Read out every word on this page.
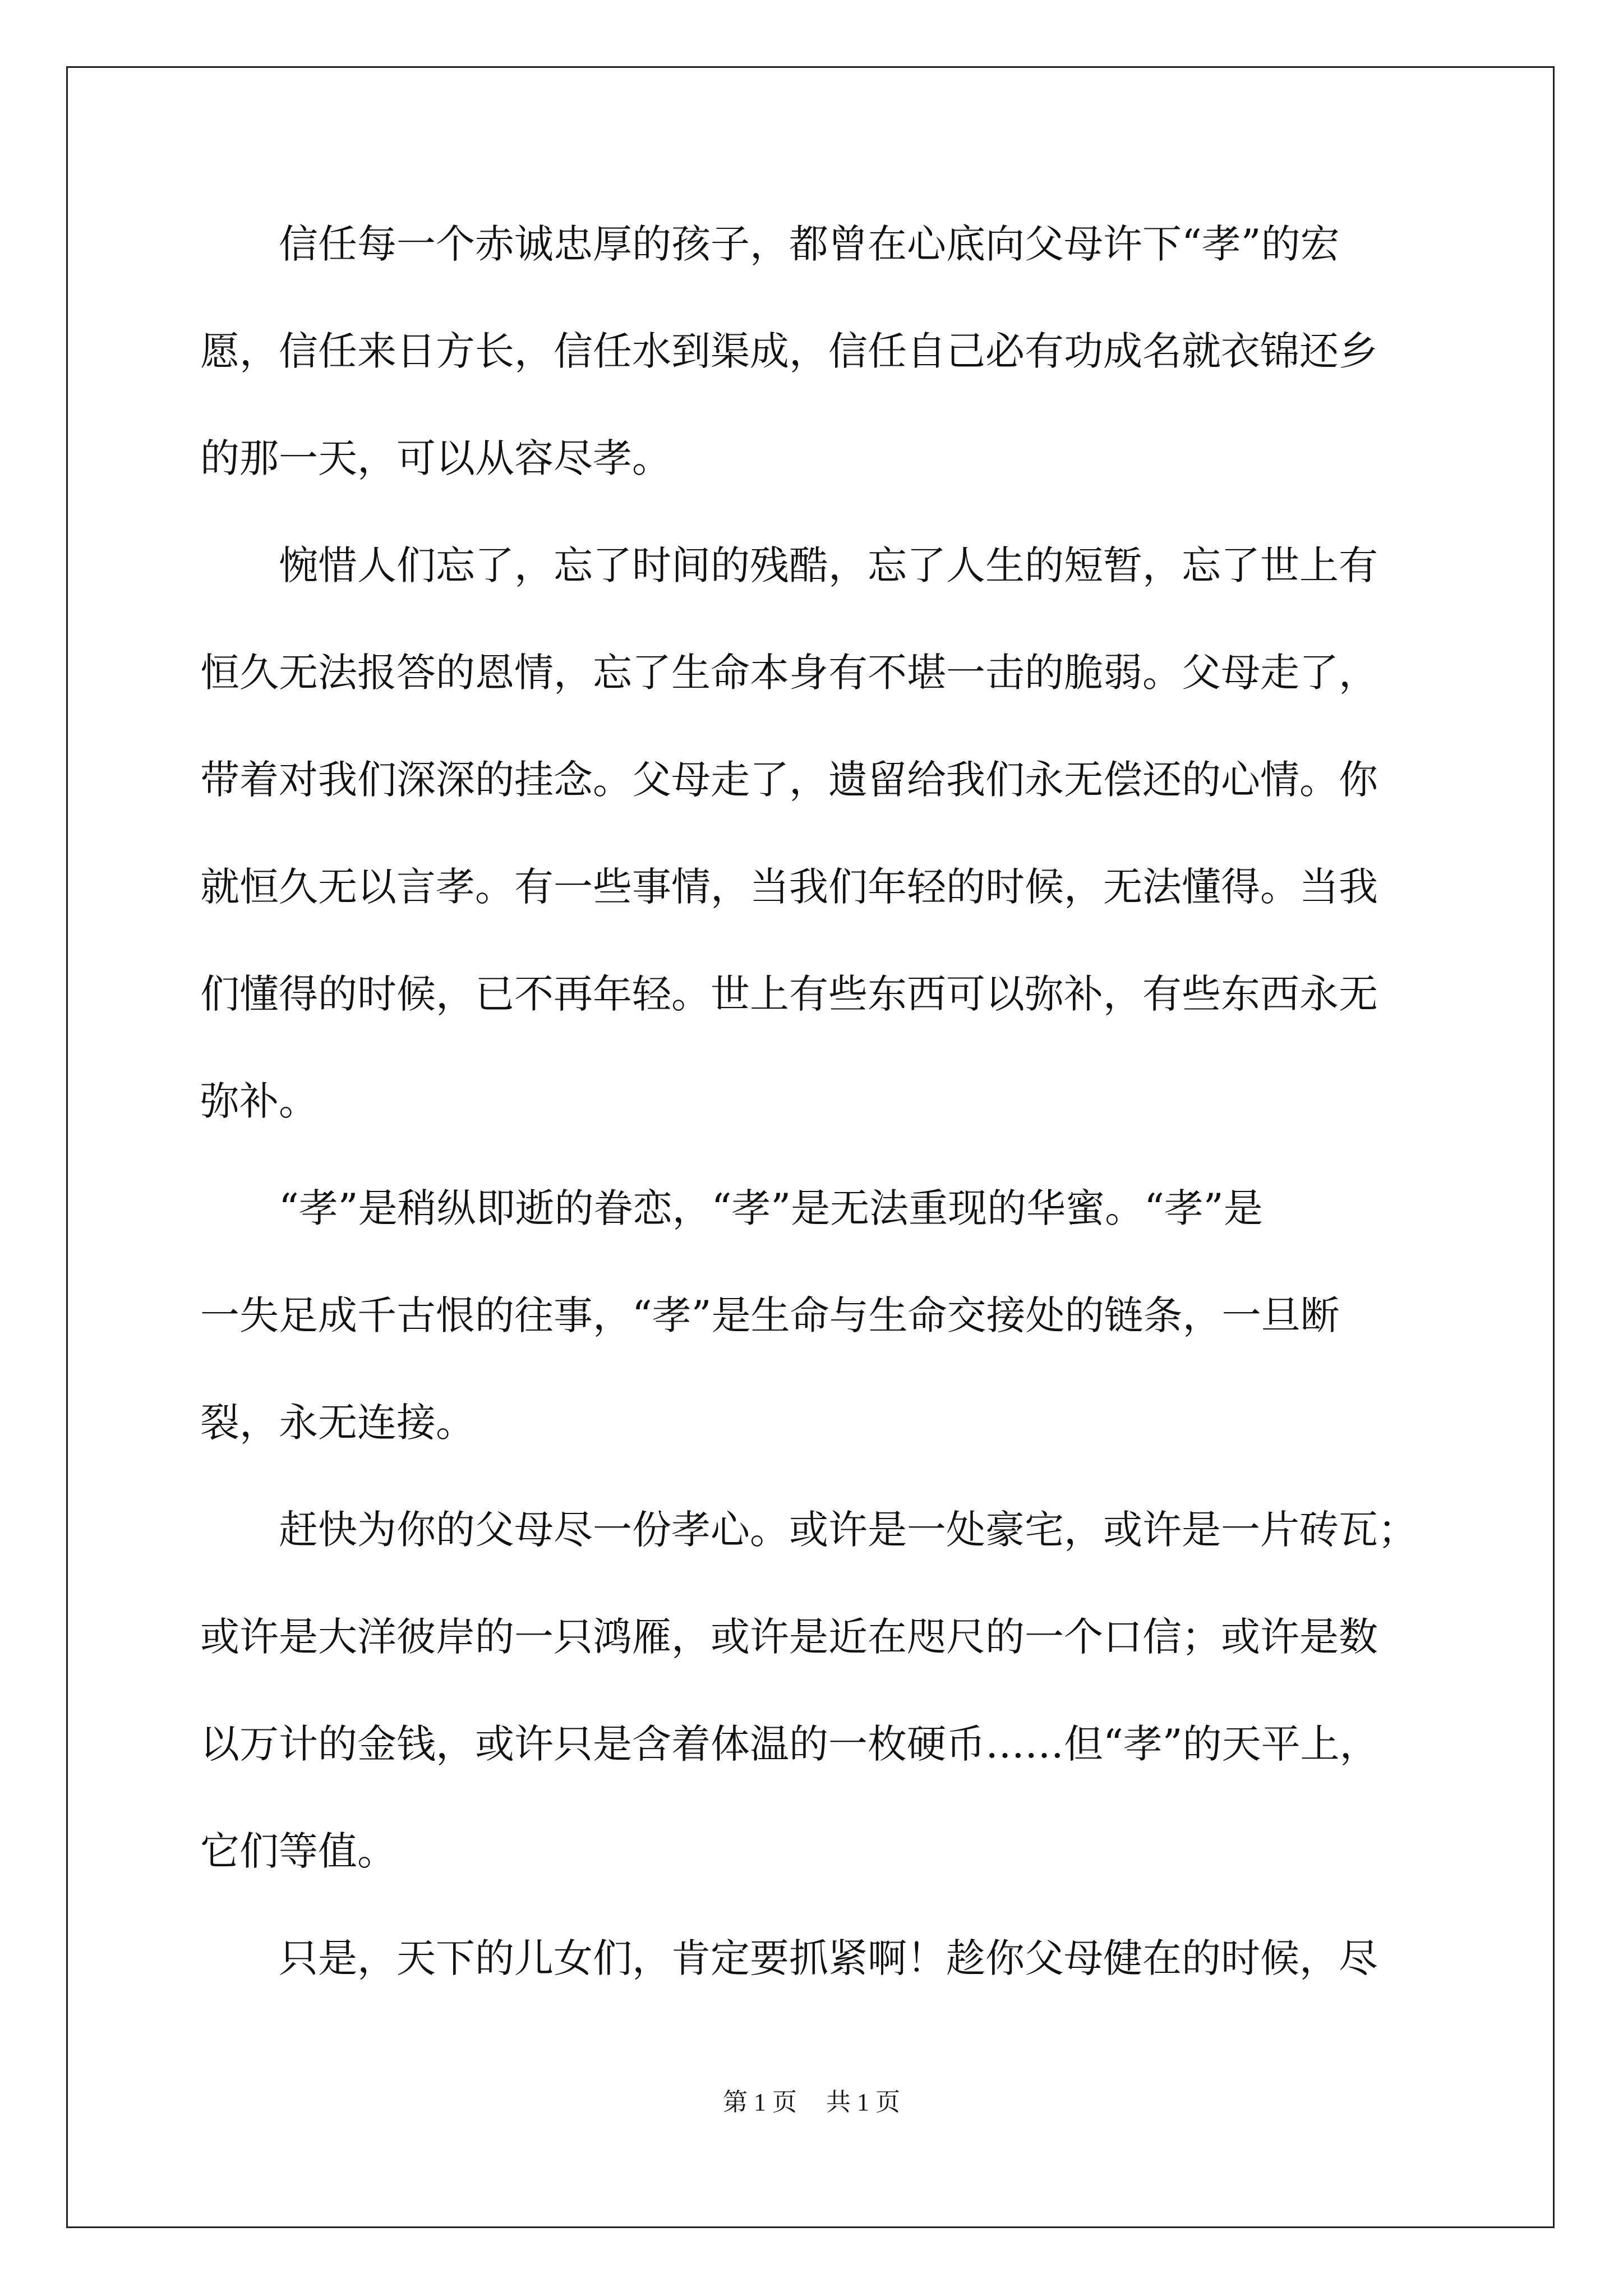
　　信任每一个赤诚忠厚的孩子，都曾在心底向父母许下“孝”的宏
愿，信任来日方长，信任水到渠成，信任自己必有功成名就衣锦还乡
的那一天，可以从容尽孝。
　　惋惜人们忘了，忘了时间的残酷，忘了人生的短暂，忘了世上有
恒久无法报答的恩情，忘了生命本身有不堪一击的脆弱。父母走了，
带着对我们深深的挂念。父母走了，遗留给我们永无偿还的心情。你
就恒久无以言孝。有一些事情，当我们年轻的时候，无法懂得。当我
们懂得的时候，已不再年轻。世上有些东西可以弥补，有些东西永无
弥补。
　　“孝”是稍纵即逝的眷恋，“孝”是无法重现的华蜜。“孝”是
一失足成千古恨的往事，“孝”是生命与生命交接处的链条，一旦断
裂，永无连接。
　　赶快为你的父母尽一份孝心。或许是一处豪宅，或许是一片砖瓦；
或许是大洋彼岸的一只鸿雁，或许是近在咫尺的一个口信；或许是数
以万计的金钱，或许只是含着体温的一枚硬币……但“孝”的天平上，
它们等值。
　　只是，天下的儿女们，肯定要抓紧啊！趁你父母健在的时候，尽
第 1 页 共 1 页
